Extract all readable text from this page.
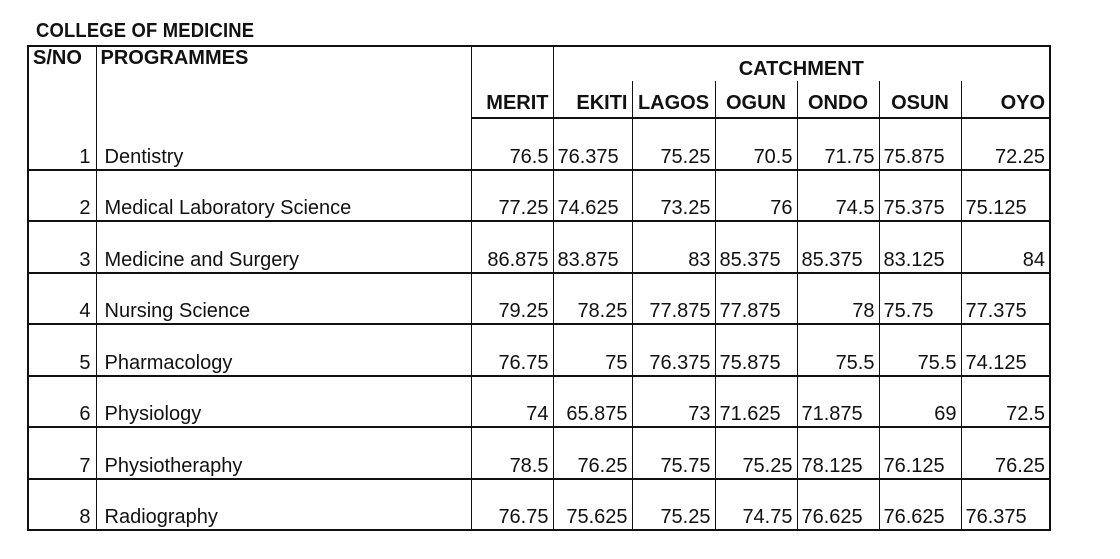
COLLEGE OF MEDICINE
S/NO	PROGRAMMES		CATCHMENT					
		MERIT	EKITI	LAGOS	OGUN	ONDO	OSUN	OYO
1	Dentistry	76.5	76.375	75.25	70.5	71.75	75.875	72.25
2	Medical Laboratory Science	77.25	74.625	73.25	76	74.5	75.375	75.125
3	Medicine and Surgery	86.875	83.875	83	85.375	85.375	83.125	84
4	Nursing Science	79.25	78.25	77.875	77.875	78	75.75	77.375
5	Pharmacology	76.75	75	76.375	75.875	75.5	75.5	74.125
6	Physiology	74	65.875	73	71.625	71.875	69	72.5
7	Physiotheraphy	78.5	76.25	75.75	75.25	78.125	76.125	76.25
8	Radiography	76.75	75.625	75.25	74.75	76.625	76.625	76.375
